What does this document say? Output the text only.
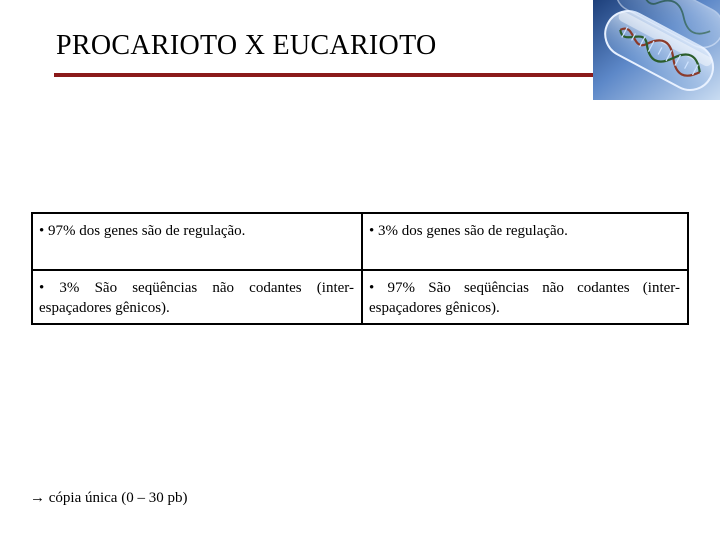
PROCARIOTO X EUCARIOTO
• 97% dos genes são de regulação.	• 3% dos genes são de regulação.
• 3% São seqüências não codantes (inter-espaçadores gênicos).
• 97% São seqüências não codantes (inter-espaçadores gênicos).
→ cópia única (0 – 30 pb)
